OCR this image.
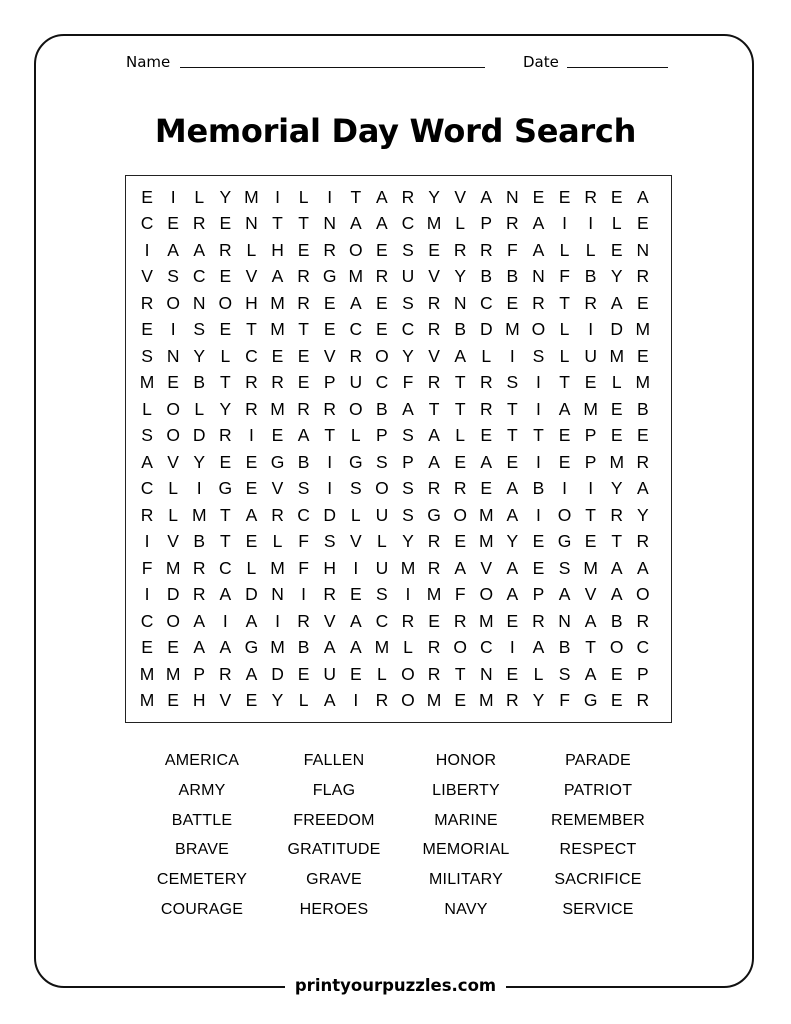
Name	Date
Memorial Day Word Search
E	I	L Y M I	L	I	T A R Y V A N E E R E A
C E R E N T T N A A C M L P R A	I	I	L E
I	A A R L H E R O E S E R R F A L L E N
V S C E V A R G M R U V Y B B N F B Y R
R O N O H M R E A E S R N C E R T R A E
E	I	S E T M T E C E C R B D M O L	I D M
S N Y L C E E V R O Y V A L	I	S L U M E
M E B T R R E P U C F R T R S	I	T E L M
L O L Y R M R R O B A T T R T	I	A M E B
S O D R I	E A T L P S A L E T T E P E E
A V Y E E G B	I G S P A E A E	I	E P M R
C L	I G E V S	I	S O S R R E A B	I	I	Y A
R L M T A R C D L U S G O M A	I O T R Y
I	V B T E L F S V L Y R E M Y E G E T R
F M R C L M F H I U M R A V A E S M A A
I D R A D N I R E S	I M F O A P A V A O
C O A	I	A	I R V A C R E R M E R N A B R
E E A A G M B A A M L R O C I	A B T O C
M M P R A D E U E L O R T N E L S A E P
M E H V E Y L A	I R O M E M R Y F G E R
AMERICA	FALLEN	HONOR	PARADE
ARMY	FLAG	LIBERTY	PATRIOT
BATTLE	FREEDOM	MARINE	REMEMBER
BRAVE	GRATITUDE	MEMORIAL	RESPECT
CEMETERY	GRAVE	MILITARY	SACRIFICE
COURAGE	HEROES	NAVY	SERVICE
printyourpuzzles.com
